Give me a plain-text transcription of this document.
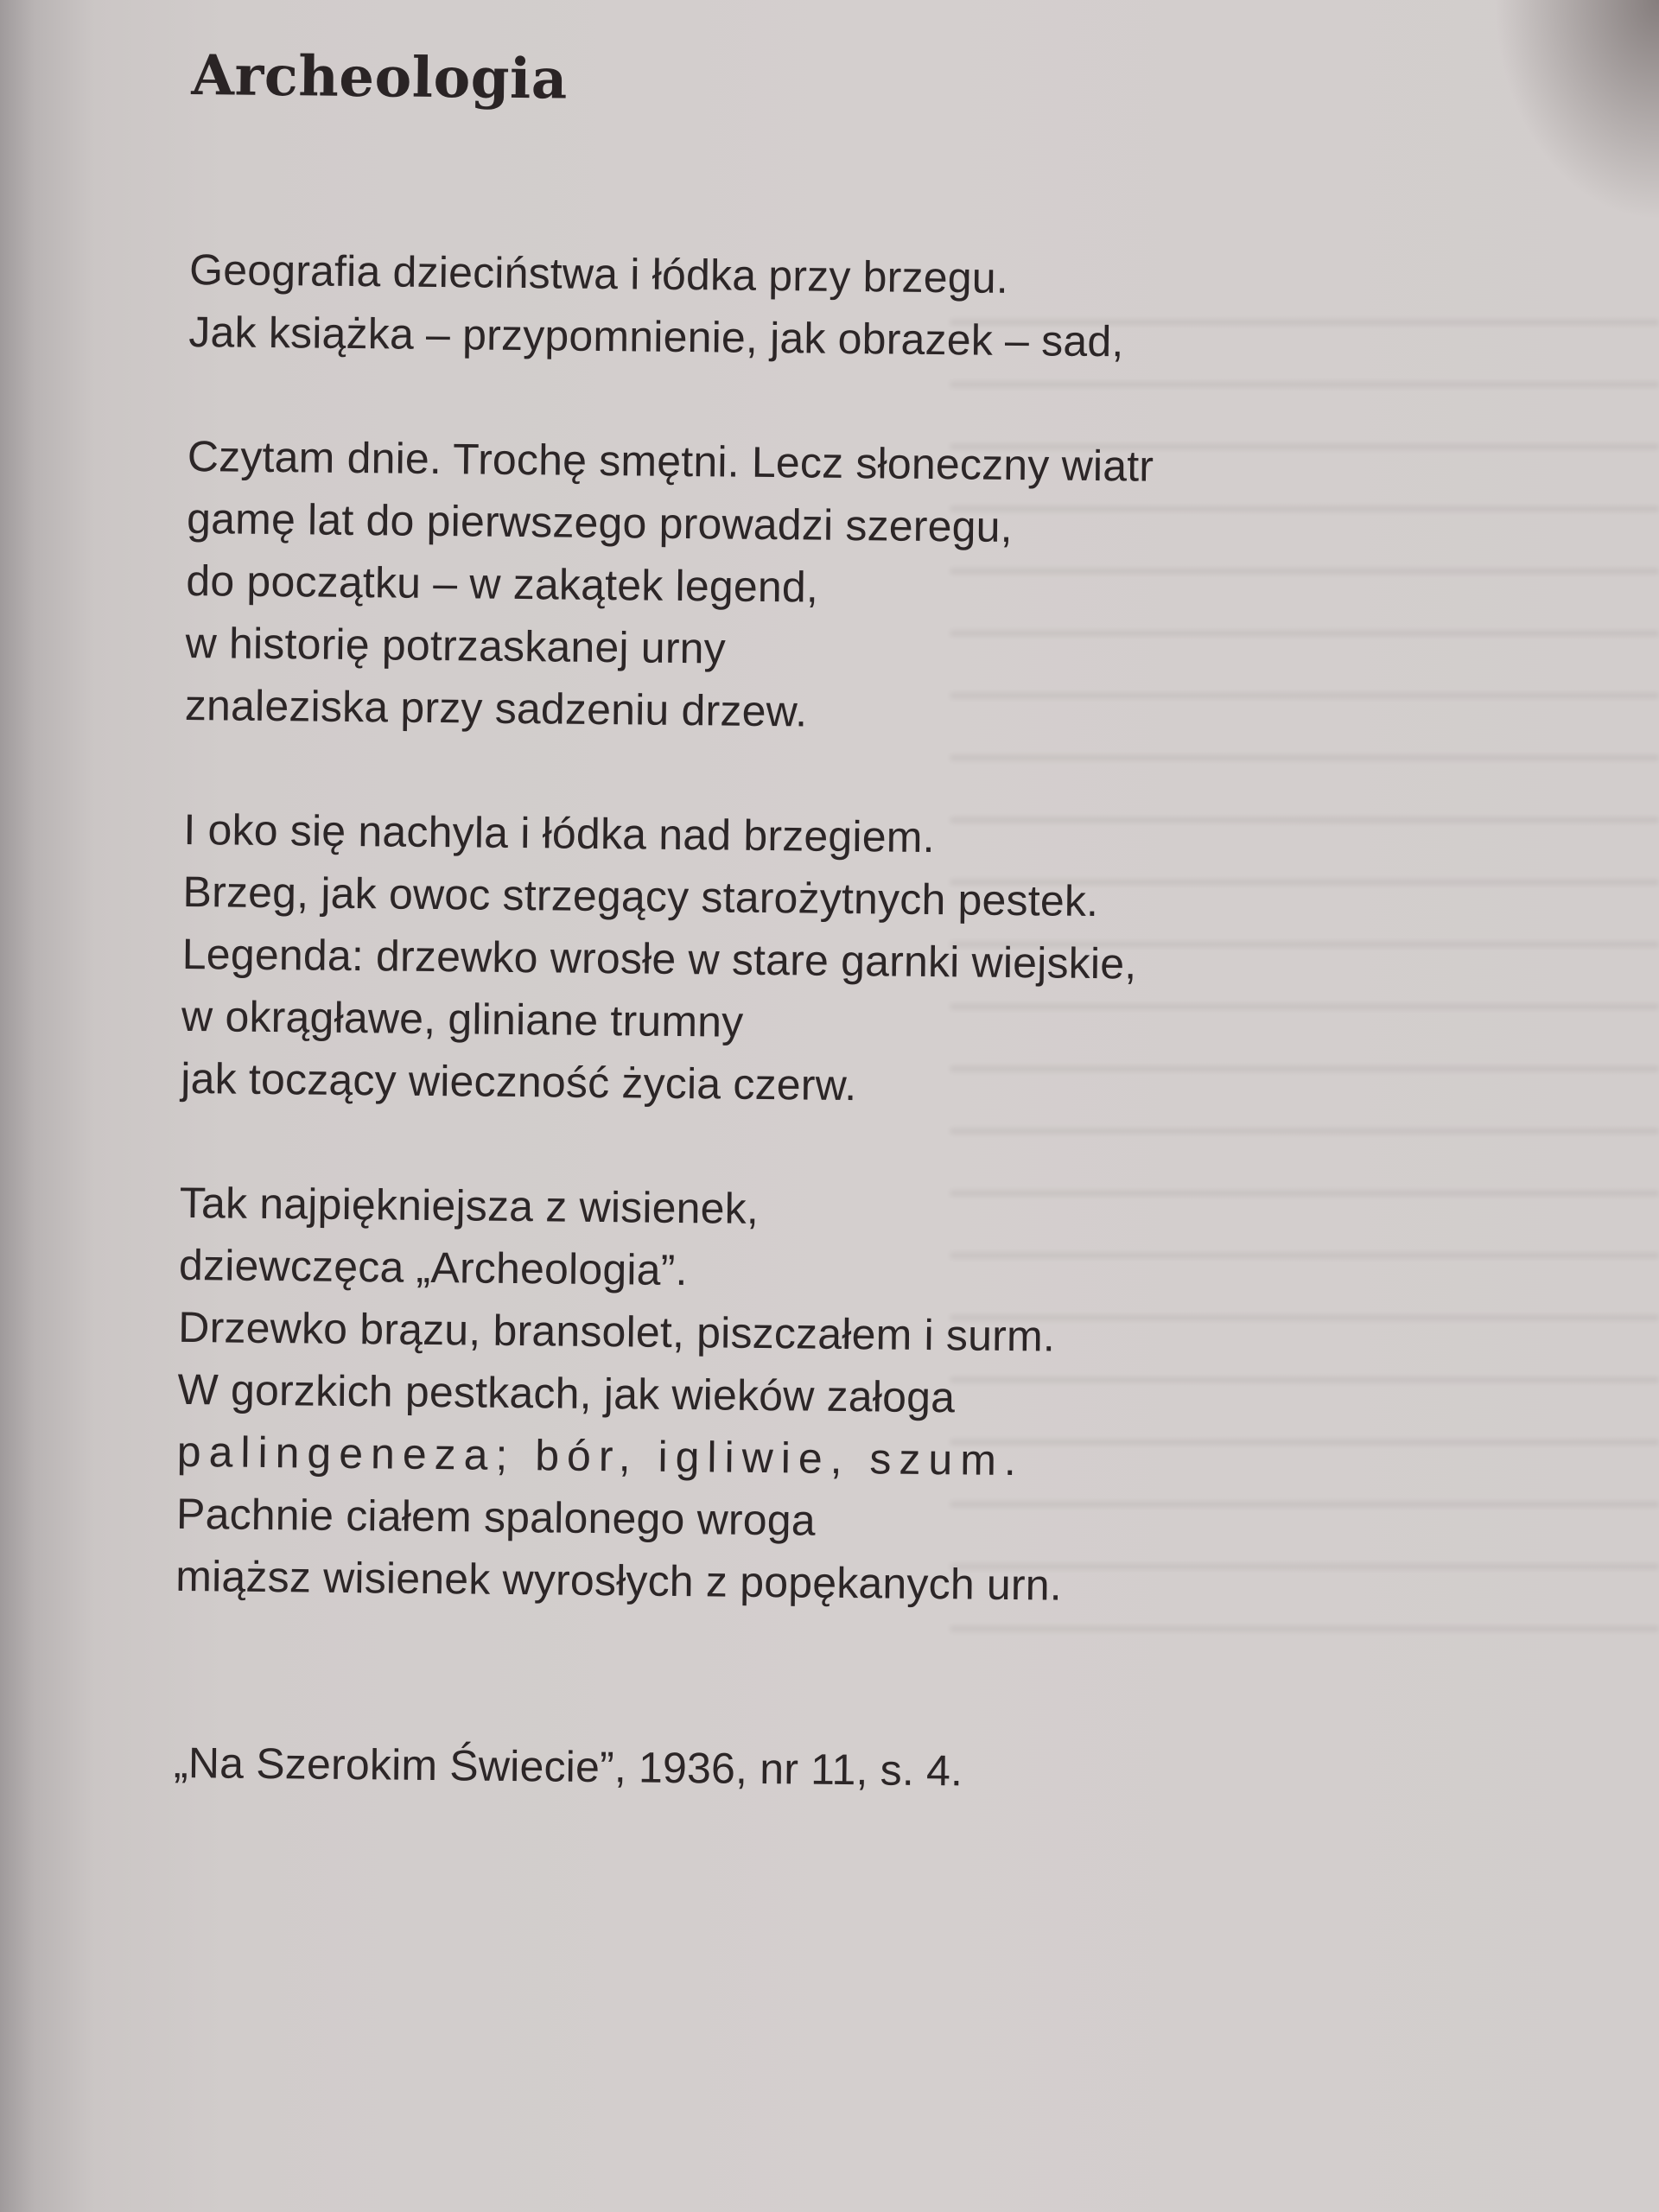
Archeologia

Geografia dzieciństwa i łódka przy brzegu.
Jak książka – przypomnienie, jak obrazek – sad,

Czytam dnie. Trochę smętni. Lecz słoneczny wiatr
gamę lat do pierwszego prowadzi szeregu,
do początku – w zakątek legend,
w historię potrzaskanej urny
znaleziska przy sadzeniu drzew.

I oko się nachyla i łódka nad brzegiem.
Brzeg, jak owoc strzegący starożytnych pestek.
Legenda: drzewko wrosłe w stare garnki wiejskie,
w okrągławe, gliniane trumny
jak toczący wieczność życia czerw.

Tak najpiękniejsza z wisienek,
dziewczęca „Archeologia”.
Drzewko brązu, bransolet, piszczałem i surm.
W gorzkich pestkach, jak wieków załoga
palingeneza; bór, igliwie, szum.
Pachnie ciałem spalonego wroga
miąższ wisienek wyrosłych z popękanych urn.

„Na Szerokim Świecie”, 1936, nr 11, s. 4.
